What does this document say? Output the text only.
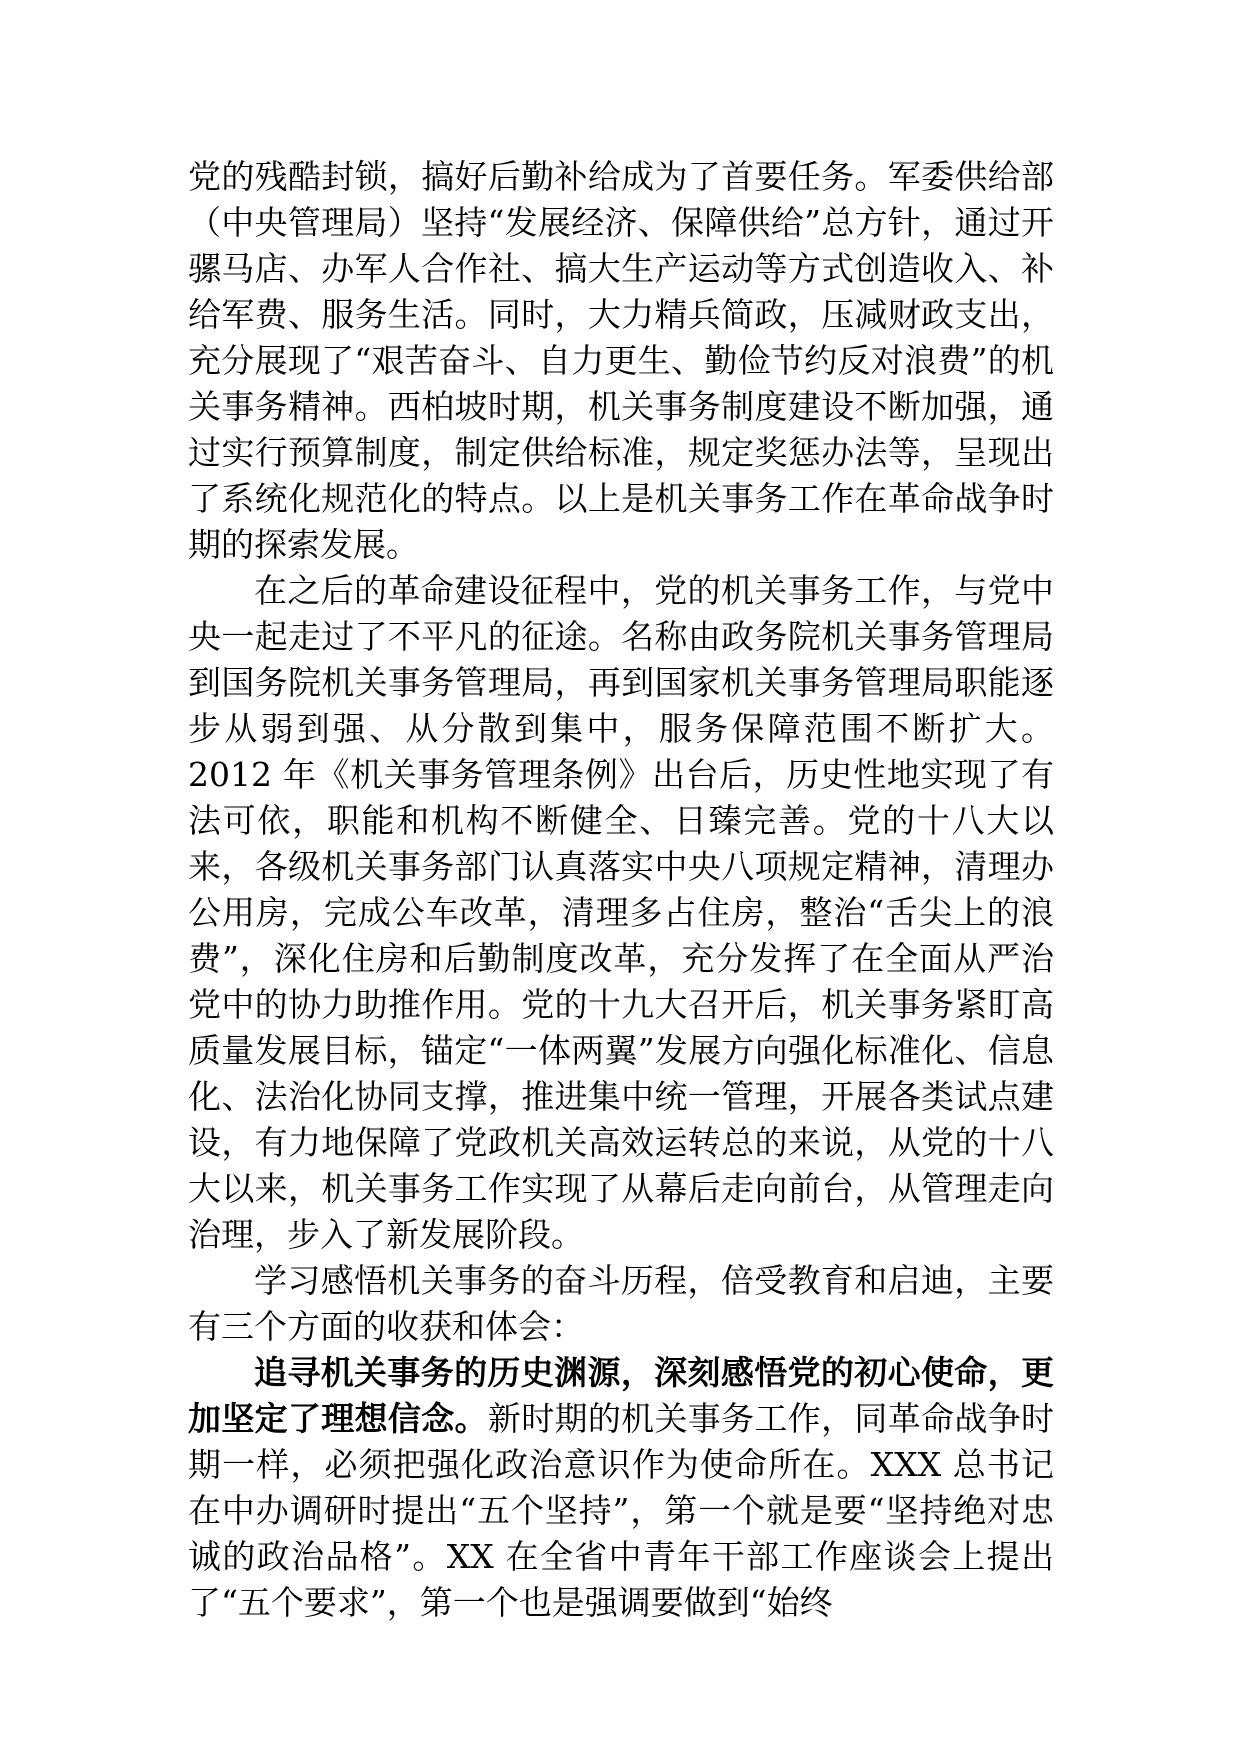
党的残酷封锁，搞好后勤补给成为了首要任务。军委供给部（中央管理局）坚持“发展经济、保障供给”总方针，通过开骡马店、办军人合作社、搞大生产运动等方式创造收入、补给军费、服务生活。同时，大力精兵简政，压减财政支出，充分展现了“艰苦奋斗、自力更生、勤俭节约反对浪费”的机关事务精神。西柏坡时期，机关事务制度建设不断加强，通过实行预算制度，制定供给标准，规定奖惩办法等，呈现出了系统化规范化的特点。以上是机关事务工作在革命战争时期的探索发展。

在之后的革命建设征程中，党的机关事务工作，与党中央一起走过了不平凡的征途。名称由政务院机关事务管理局到国务院机关事务管理局，再到国家机关事务管理局职能逐步从弱到强、从分散到集中，服务保障范围不断扩大。2012 年《机关事务管理条例》出台后，历史性地实现了有法可依，职能和机构不断健全、日臻完善。党的十八大以来，各级机关事务部门认真落实中央八项规定精神，清理办公用房，完成公车改革，清理多占住房，整治“舌尖上的浪费”，深化住房和后勤制度改革，充分发挥了在全面从严治党中的协力助推作用。党的十九大召开后，机关事务紧盯高质量发展目标，锚定“一体两翼”发展方向强化标准化、信息化、法治化协同支撑，推进集中统一管理，开展各类试点建设，有力地保障了党政机关高效运转总的来说，从党的十八大以来，机关事务工作实现了从幕后走向前台，从管理走向治理，步入了新发展阶段。

学习感悟机关事务的奋斗历程，倍受教育和启迪，主要有三个方面的收获和体会：

追寻机关事务的历史渊源，深刻感悟党的初心使命，更加坚定了理想信念。新时期的机关事务工作，同革命战争时期一样，必须把强化政治意识作为使命所在。XXX 总书记在中办调研时提出“五个坚持”，第一个就是要“坚持绝对忠诚的政治品格”。XX 在全省中青年干部工作座谈会上提出了“五个要求”，第一个也是强调要做到“始终
